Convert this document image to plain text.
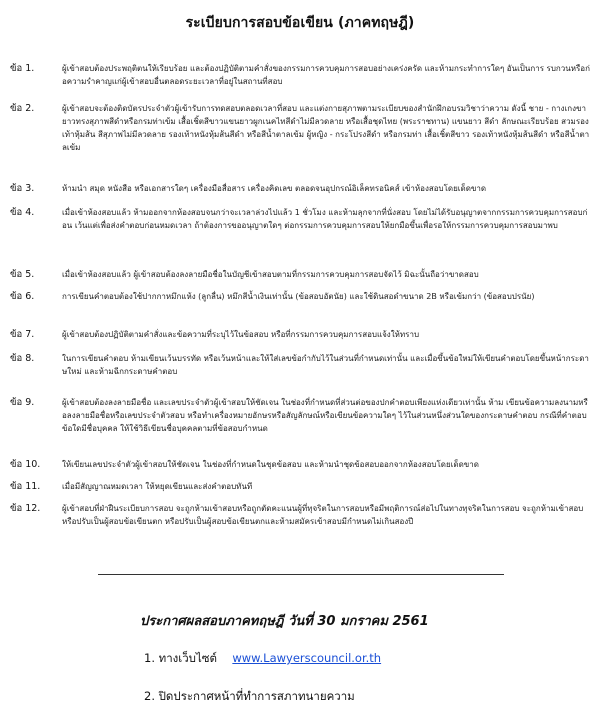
ระเบียบการสอบข้อเขียน (ภาคทฤษฎี)
ข้อ 1.	ผู้เข้าสอบต้องประพฤติตนให้เรียบร้อย และต้องปฏิบัติตามคำสั่งของกรรมการควบคุมการสอบอย่างเคร่งครัด และห้ามกระทำการใดๆ อันเป็นการ รบกวนหรือก่อความรำคาญแก่ผู้เข้าสอบอื่นตลอดระยะเวลาที่อยู่ในสถานที่สอบ
ข้อ 2.	ผู้เข้าสอบจะต้องติดบัตรประจำตัวผู้เข้ารับการทดสอบตลอดเวลาที่สอบ และแต่งกายสุภาพตามระเบียบของสำนักฝึกอบรมวิชาว่าความ ดังนี้ ชาย - กางเกงขายาวทรงสุภาพสีดำหรือกรมท่าเข้ม เสื้อเชิ้ตสีขาวแขนยาวผูกเนคไทสีดำไม่มีลวดลาย หรือเสื้อชุดไทย (พระราชทาน) แขนยาว สีดำ ลักษณะเรียบร้อย สวมรองเท้าหุ้มส้น สีสุภาพไม่มีลวดลาย รองเท้าหนังหุ้มส้นสีดำ หรือสีน้ำตาลเข้ม ผู้หญิง - กระโปรงสีดำ หรือกรมท่า เสื้อเชิ้ตสีขาว รองเท้าหนังหุ้มส้นสีดำ หรือสีน้ำตาลเข้ม
ข้อ 3.	ห้ามนำ สมุด หนังสือ หรือเอกสารใดๆ เครื่องมือสื่อสาร เครื่องคิดเลข ตลอดจนอุปกรณ์อิเล็คทรอนิคส์ เข้าห้องสอบโดยเด็ดขาด
ข้อ 4.	เมื่อเข้าห้องสอบแล้ว ห้ามออกจากห้องสอบจนกว่าจะเวลาล่วงไปแล้ว 1 ชั่วโมง และห้ามลุกจากที่นั่งสอบ โดยไม่ได้รับอนุญาตจากกรรมการควบคุมการสอบก่อน เว้นแต่เพื่อส่งคำตอบก่อนหมดเวลา ถ้าต้องการขออนุญาตใดๆ ต่อกรรมการควบคุมการสอบให้ยกมือขึ้นเพื่อรอให้กรรมการควบคุมการสอบมาพบ
ข้อ 5.	เมื่อเข้าห้องสอบแล้ว ผู้เข้าสอบต้องลงลายมือชื่อในบัญชีเข้าสอบตามที่กรรมการควบคุมการสอบจัดไว้ มิฉะนั้นถือว่าขาดสอบ
ข้อ 6.	การเขียนคำตอบต้องใช้ปากกาหมึกแห้ง (ลูกลื่น) หมึกสีน้ำเงินเท่านั้น (ข้อสอบอัตนัย) และใช้ดินสอดำขนาด 2B หรือเข้มกว่า (ข้อสอบปรนัย)
ข้อ 7.	ผู้เข้าสอบต้องปฏิบัติตามคำสั่งและข้อความที่ระบุไว้ในข้อสอบ หรือที่กรรมการควบคุมการสอบแจ้งให้ทราบ
ข้อ 8.	ในการเขียนคำตอบ ห้ามเขียนเว้นบรรทัด หรือเว้นหน้าและให้ใส่เลขข้อกำกับไว้ในส่วนที่กำหนดเท่านั้น และเมื่อขึ้นข้อใหม่ให้เขียนคำตอบโดยขึ้นหน้ากระดาษใหม่ และห้ามฉีกกระดาษคำตอบ
ข้อ 9.	ผู้เข้าสอบต้องลงลายมือชื่อ และเลขประจำตัวผู้เข้าสอบให้ชัดเจน ในช่องที่กำหนดที่ส่วนต่อของปกคำตอบเพียงแห่งเดียวเท่านั้น ห้าม เขียนข้อความลงนามหรือลงลายมือชื่อหรือเลขประจำตัวสอบ หรือทำเครื่องหมายอักษรหรือสัญลักษณ์หรือเขียนข้อความใดๆ ไว้ในส่วนหนึ่งส่วนใดของกระดาษคำตอบ กรณีที่คำตอบข้อใดมีชื่อบุคคล ให้ใช้วิธีเขียนชื่อบุคคลตามที่ข้อสอบกำหนด
ข้อ 10.	ให้เขียนเลขประจำตัวผู้เข้าสอบให้ชัดเจน ในช่องที่กำหนดในชุดข้อสอบ และห้ามนำชุดข้อสอบออกจากห้องสอบโดยเด็ดขาด
ข้อ 11.	เมื่อมีสัญญาณหมดเวลา ให้หยุดเขียนและส่งคำตอบทันที
ข้อ 12.	ผู้เข้าสอบที่ฝ่าฝืนระเบียบการสอบ จะถูกห้ามเข้าสอบหรือถูกตัดคะแนนผู้ที่ทุจริตในการสอบหรือมีพฤติการณ์ส่อไปในทางทุจริตในการสอบ จะถูกห้ามเข้าสอบ หรือปรับเป็นผู้สอบข้อเขียนตก หรือปรับเป็นผู้สอบข้อเขียนตกและห้ามสมัครเข้าสอบมีกำหนดไม่เกินสองปี
ประกาศผลสอบภาคทฤษฎี วันที่ 30 มกราคม 2561
1. ทางเว็บไซต์ www.Lawyerscouncil.or.th
2. ปิดประกาศหน้าที่ทำการสภาทนายความ
